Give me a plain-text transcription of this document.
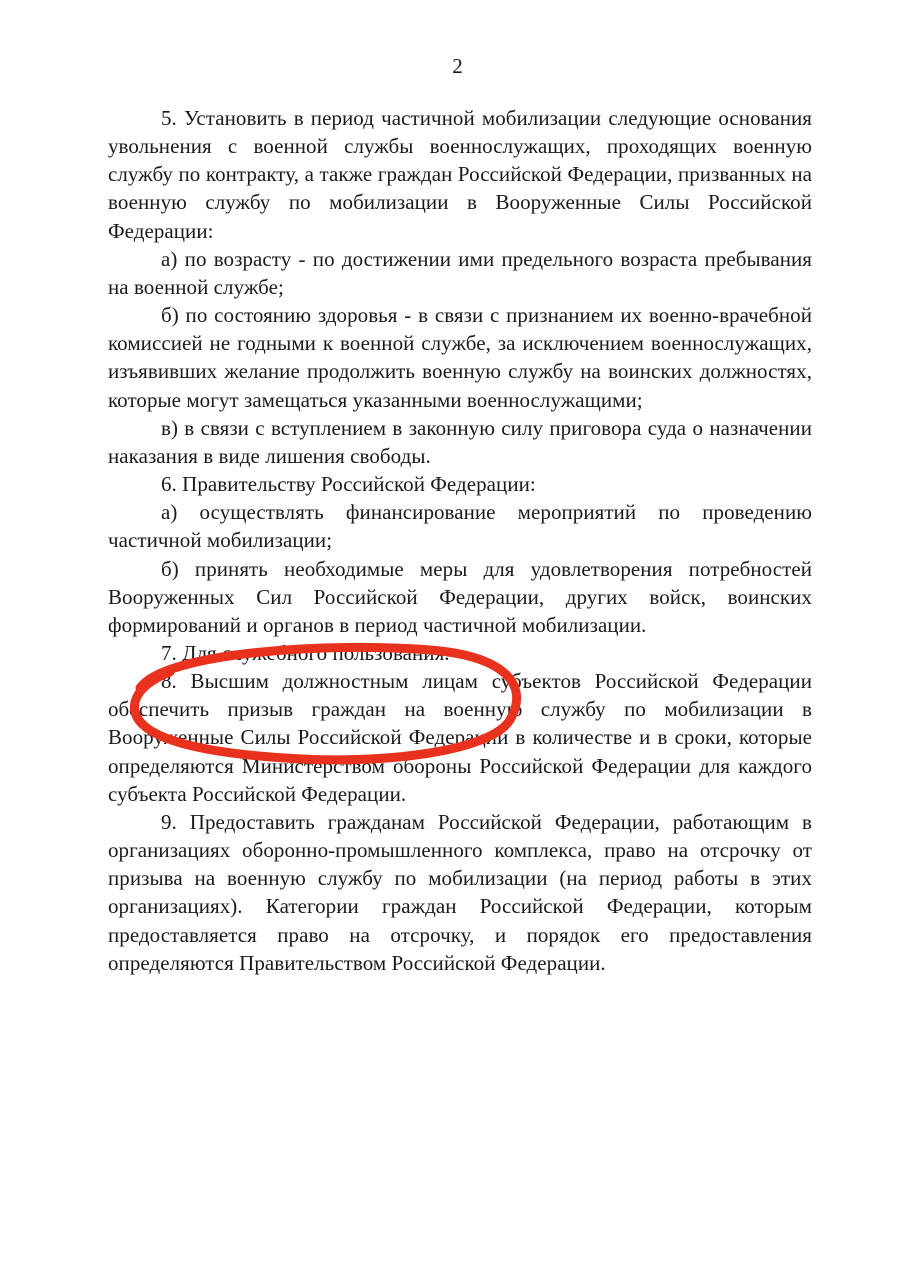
2

5. Установить в период частичной мобилизации следующие основания увольнения с военной службы военнослужащих, проходящих военную службу по контракту, а также граждан Российской Федерации, призванных на военную службу по мобилизации в Вооруженные Силы Российской Федерации:

а) по возрасту - по достижении ими предельного возраста пребывания на военной службе;

б) по состоянию здоровья - в связи с признанием их военно-врачебной комиссией не годными к военной службе, за исключением военнослужащих, изъявивших желание продолжить военную службу на воинских должностях, которые могут замещаться указанными военнослужащими;

в) в связи с вступлением в законную силу приговора суда о назначении наказания в виде лишения свободы.

6. Правительству Российской Федерации:

а) осуществлять финансирование мероприятий по проведению частичной мобилизации;

б) принять необходимые меры для удовлетворения потребностей Вооруженных Сил Российской Федерации, других войск, воинских формирований и органов в период частичной мобилизации.

7. Для служебного пользования.

8. Высшим должностным лицам субъектов Российской Федерации обеспечить призыв граждан на военную службу по мобилизации в Вооруженные Силы Российской Федерации в количестве и в сроки, которые определяются Министерством обороны Российской Федерации для каждого субъекта Российской Федерации.

9. Предоставить гражданам Российской Федерации, работающим в организациях оборонно-промышленного комплекса, право на отсрочку от призыва на военную службу по мобилизации (на период работы в этих организациях). Категории граждан Российской Федерации, которым предоставляется право на отсрочку, и порядок его предоставления определяются Правительством Российской Федерации.
